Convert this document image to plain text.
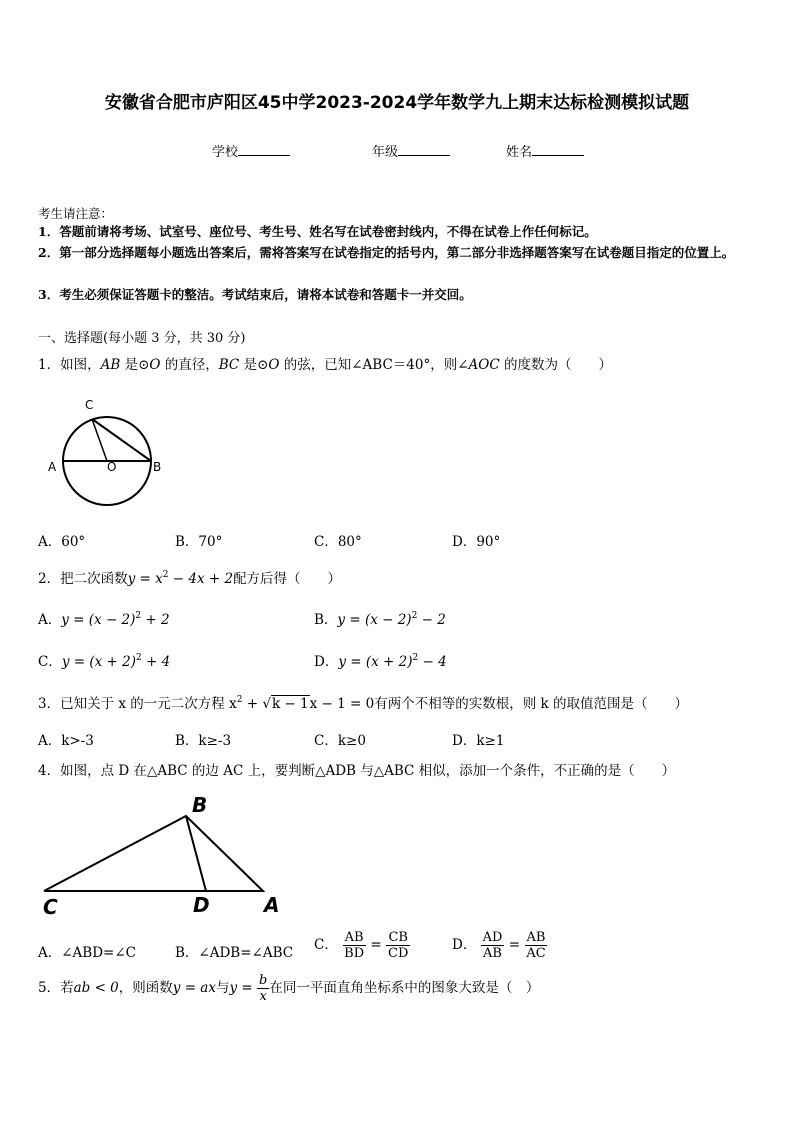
安徽省合肥市庐阳区45中学2023-2024学年数学九上期末达标检测模拟试题
学校	年级	姓名
考生请注意：
1．答题前请将考场、试室号、座位号、考生号、姓名写在试卷密封线内，不得在试卷上作任何标记。
2．第一部分选择题每小题选出答案后，需将答案写在试卷指定的括号内，第二部分非选择题答案写在试卷题目指定的位置上。
3．考生必须保证答题卡的整洁。考试结束后，请将本试卷和答题卡一并交回。
一、选择题(每小题 3 分，共 30 分)
1．如图，AB 是⊙O 的直径，BC 是⊙O 的弦，已知∠ABC＝40°，则∠AOC 的度数为（　　）
C
A	O	B
A．60°	B．70°	C．80°	D．90°
2．把二次函数$y = x^2 - 4x + 2$配方后得（　　）
A．$y = (x - 2)^2 + 2$	B．$y = (x - 2)^2 - 2$
C．$y = (x + 2)^2 + 4$	D．$y = (x + 2)^2 - 4$
3．已知关于 x 的一元二次方程 $x^2 + √k - 1x - 1 = 0$有两个不相等的实数根，则 k 的取值范围是（　　）
A．k>-3	B．k≥-3	C．k≥0	D．k≥1
4．如图，点 D 在△ABC 的边 AC 上，要判断△ADB 与△ABC 相似，添加一个条件，不正确的是（　　）
B
C	D	A
A．∠ABD=∠C	B．∠ADB=∠ABC C． $\frac{AB}{BD} = \frac{CB}{CD}$	D． $\frac{AD}{AB} = \frac{AB}{AC}$
5．若ab < 0，则函数y = ax与$y = \frac{b}{x}$ 在同一平面直角坐标系中的图象大致是（　）
